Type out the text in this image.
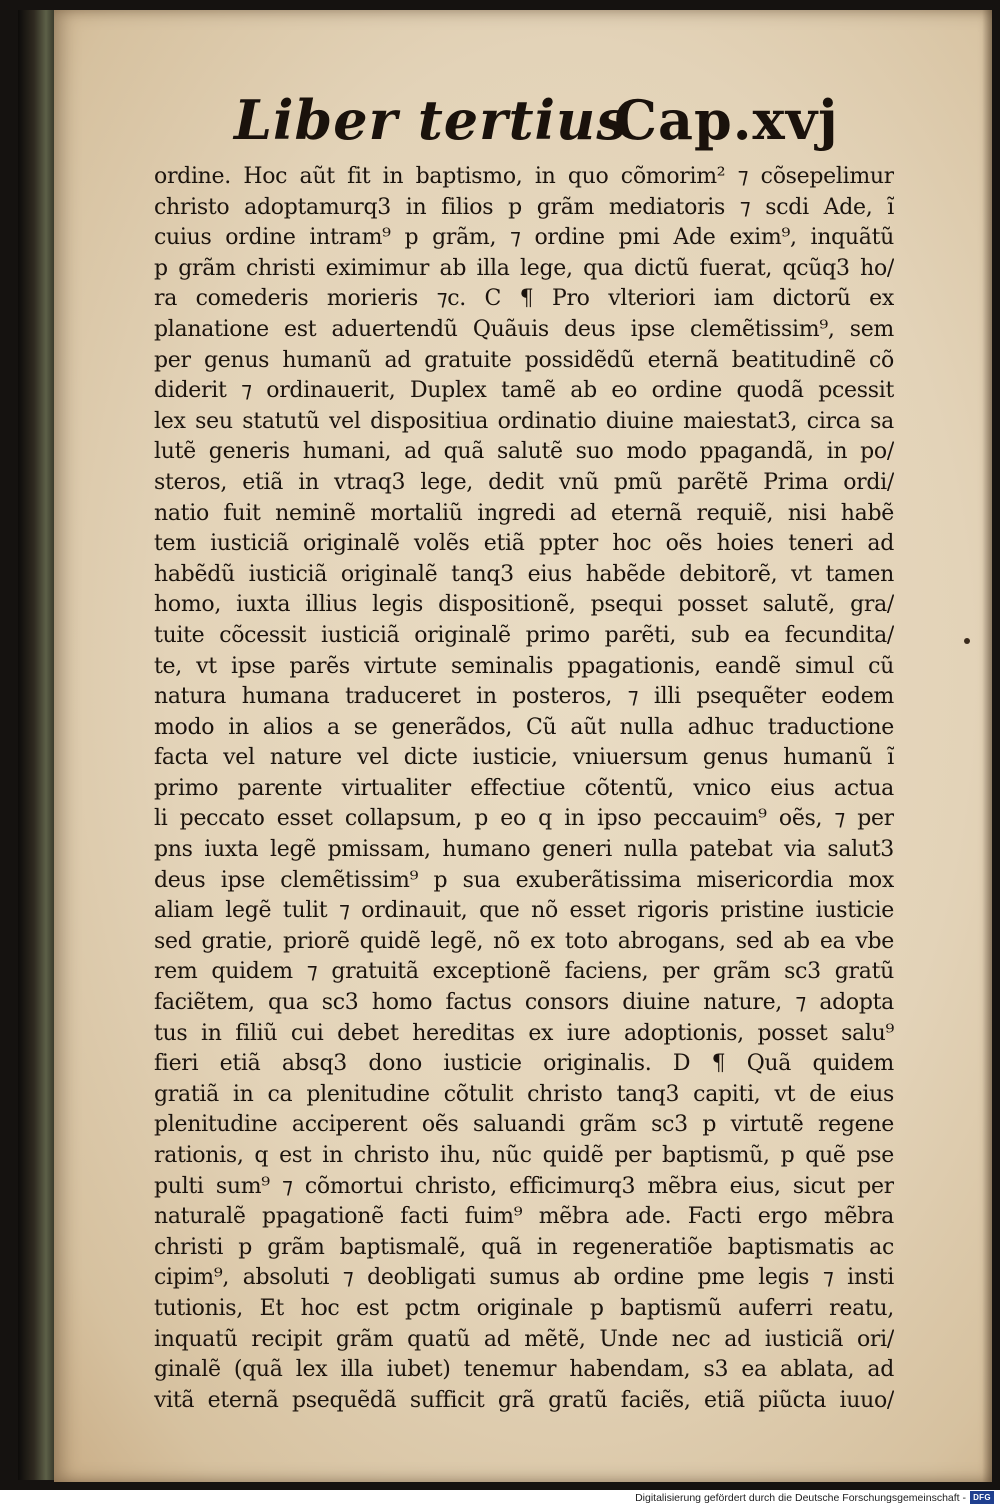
Liber tertius
Cap.xvj
ordine. Hoc aũt fit in baptismo, in quo cõmorim² ⁊ cõsepelimur
christo adoptamurq3 in filios p grãm mediatoris ⁊ scdi Ade, ĩ
cuius ordine intram⁹ p grãm, ⁊ ordine pmi Ade exim⁹, inquãtũ
p grãm christi eximimur ab illa lege, qua dictũ fuerat, qcũq3 ho/
ra comederis morieris ⁊c. C ¶ Pro vlteriori iam dictorũ ex
planatione est aduertendũ Quãuis deus ipse clemẽtissim⁹, sem
per genus humanũ ad gratuite possidẽdũ eternã beatitudinẽ cõ
diderit ⁊ ordinauerit, Duplex tamẽ ab eo ordine quodã pcessit
lex seu statutũ vel dispositiua ordinatio diuine maiestat3, circa sa
lutẽ generis humani, ad quã salutẽ suo modo ppagandã, in po/
steros, etiã in vtraq3 lege, dedit vnũ pmũ parẽtẽ Prima ordi/
natio fuit neminẽ mortaliũ ingredi ad eternã requiẽ, nisi habẽ
tem iusticiã originalẽ volẽs etiã ppter hoc oẽs hoies teneri ad
habẽdũ iusticiã originalẽ tanq3 eius habẽde debitorẽ, vt tamen
homo, iuxta illius legis dispositionẽ, psequi posset salutẽ, gra/
tuite cõcessit iusticiã originalẽ primo parẽti, sub ea fecundita/
te, vt ipse parẽs virtute seminalis ppagationis, eandẽ simul cũ
natura humana traduceret in posteros, ⁊ illi psequẽter eodem
modo in alios a se generãdos, Cũ aũt nulla adhuc traductione
facta vel nature vel dicte iusticie, vniuersum genus humanũ ĩ
primo parente virtualiter effectiue cõtentũ, vnico eius actua
li peccato esset collapsum, p eo q in ipso peccauim⁹ oẽs, ⁊ per
pns iuxta legẽ pmissam, humano generi nulla patebat via salut3
deus ipse clemẽtissim⁹ p sua exuberãtissima misericordia mox
aliam legẽ tulit ⁊ ordinauit, que nõ esset rigoris pristine iusticie
sed gratie, priorẽ quidẽ legẽ, nõ ex toto abrogans, sed ab ea vbe
rem quidem ⁊ gratuitã exceptionẽ faciens, per grãm sc3 gratũ
faciẽtem, qua sc3 homo factus consors diuine nature, ⁊ adopta
tus in filiũ cui debet hereditas ex iure adoptionis, posset salu⁹
fieri etiã absq3 dono iusticie originalis. D ¶ Quã quidem
gratiã in ca plenitudine cõtulit christo tanq3 capiti, vt de eius
plenitudine acciperent oẽs saluandi grãm sc3 p virtutẽ regene
rationis, q est in christo ihu, nũc quidẽ per baptismũ, p quẽ pse
pulti sum⁹ ⁊ cõmortui christo, efficimurq3 mẽbra eius, sicut per
naturalẽ ppagationẽ facti fuim⁹ mẽbra ade. Facti ergo mẽbra
christi p grãm baptismalẽ, quã in regeneratiõe baptismatis ac
cipim⁹, absoluti ⁊ deobligati sumus ab ordine pme legis ⁊ insti
tutionis, Et hoc est pctm originale p baptismũ auferri reatu,
inquatũ recipit grãm quatũ ad mẽtẽ, Unde nec ad iusticiã ori/
ginalẽ (quã lex illa iubet) tenemur habendam, s3 ea ablata, ad
vitã eternã psequẽdã sufficit grã gratũ faciẽs, etiã piũcta iuuo/
Digitalisierung gefördert durch die Deutsche Forschungsgemeinschaft - DFG
